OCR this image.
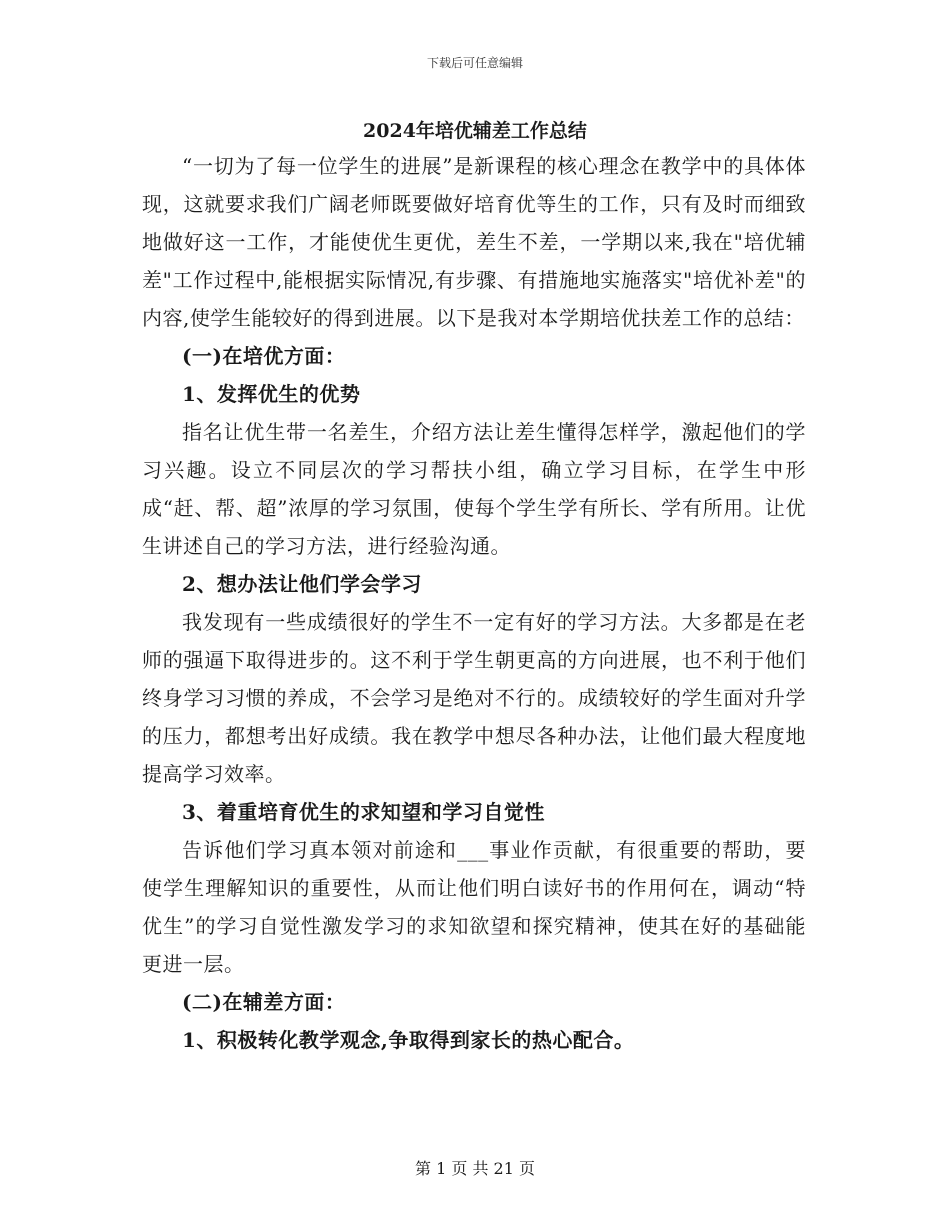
下载后可任意编辑
2024年培优辅差工作总结

“一切为了每一位学生的进展”是新课程的核心理念在教学中的具体体现，这就要求我们广阔老师既要做好培育优等生的工作，只有及时而细致地做好这一工作，才能使优生更优，差生不差，一学期以来,我在"培优辅差"工作过程中,能根据实际情况,有步骤、有措施地实施落实"培优补差"的内容,使学生能较好的得到进展。以下是我对本学期培优扶差工作的总结：

(一)在培优方面：

1、发挥优生的优势

指名让优生带一名差生，介绍方法让差生懂得怎样学，激起他们的学习兴趣。设立不同层次的学习帮扶小组，确立学习目标，在学生中形成“赶、帮、超”浓厚的学习氛围，使每个学生学有所长、学有所用。让优生讲述自己的学习方法，进行经验沟通。

2、想办法让他们学会学习

我发现有一些成绩很好的学生不一定有好的学习方法。大多都是在老师的强逼下取得进步的。这不利于学生朝更高的方向进展，也不利于他们终身学习习惯的养成，不会学习是绝对不行的。成绩较好的学生面对升学的压力，都想考出好成绩。我在教学中想尽各种办法，让他们最大程度地提高学习效率。

3、着重培育优生的求知望和学习自觉性

告诉他们学习真本领对前途和___事业作贡献，有很重要的帮助，要使学生理解知识的重要性，从而让他们明白读好书的作用何在，调动“特优生”的学习自觉性激发学习的求知欲望和探究精神，使其在好的基础能更进一层。

(二)在辅差方面：

1、积极转化教学观念,争取得到家长的热心配合。

第 1 页 共 21 页
